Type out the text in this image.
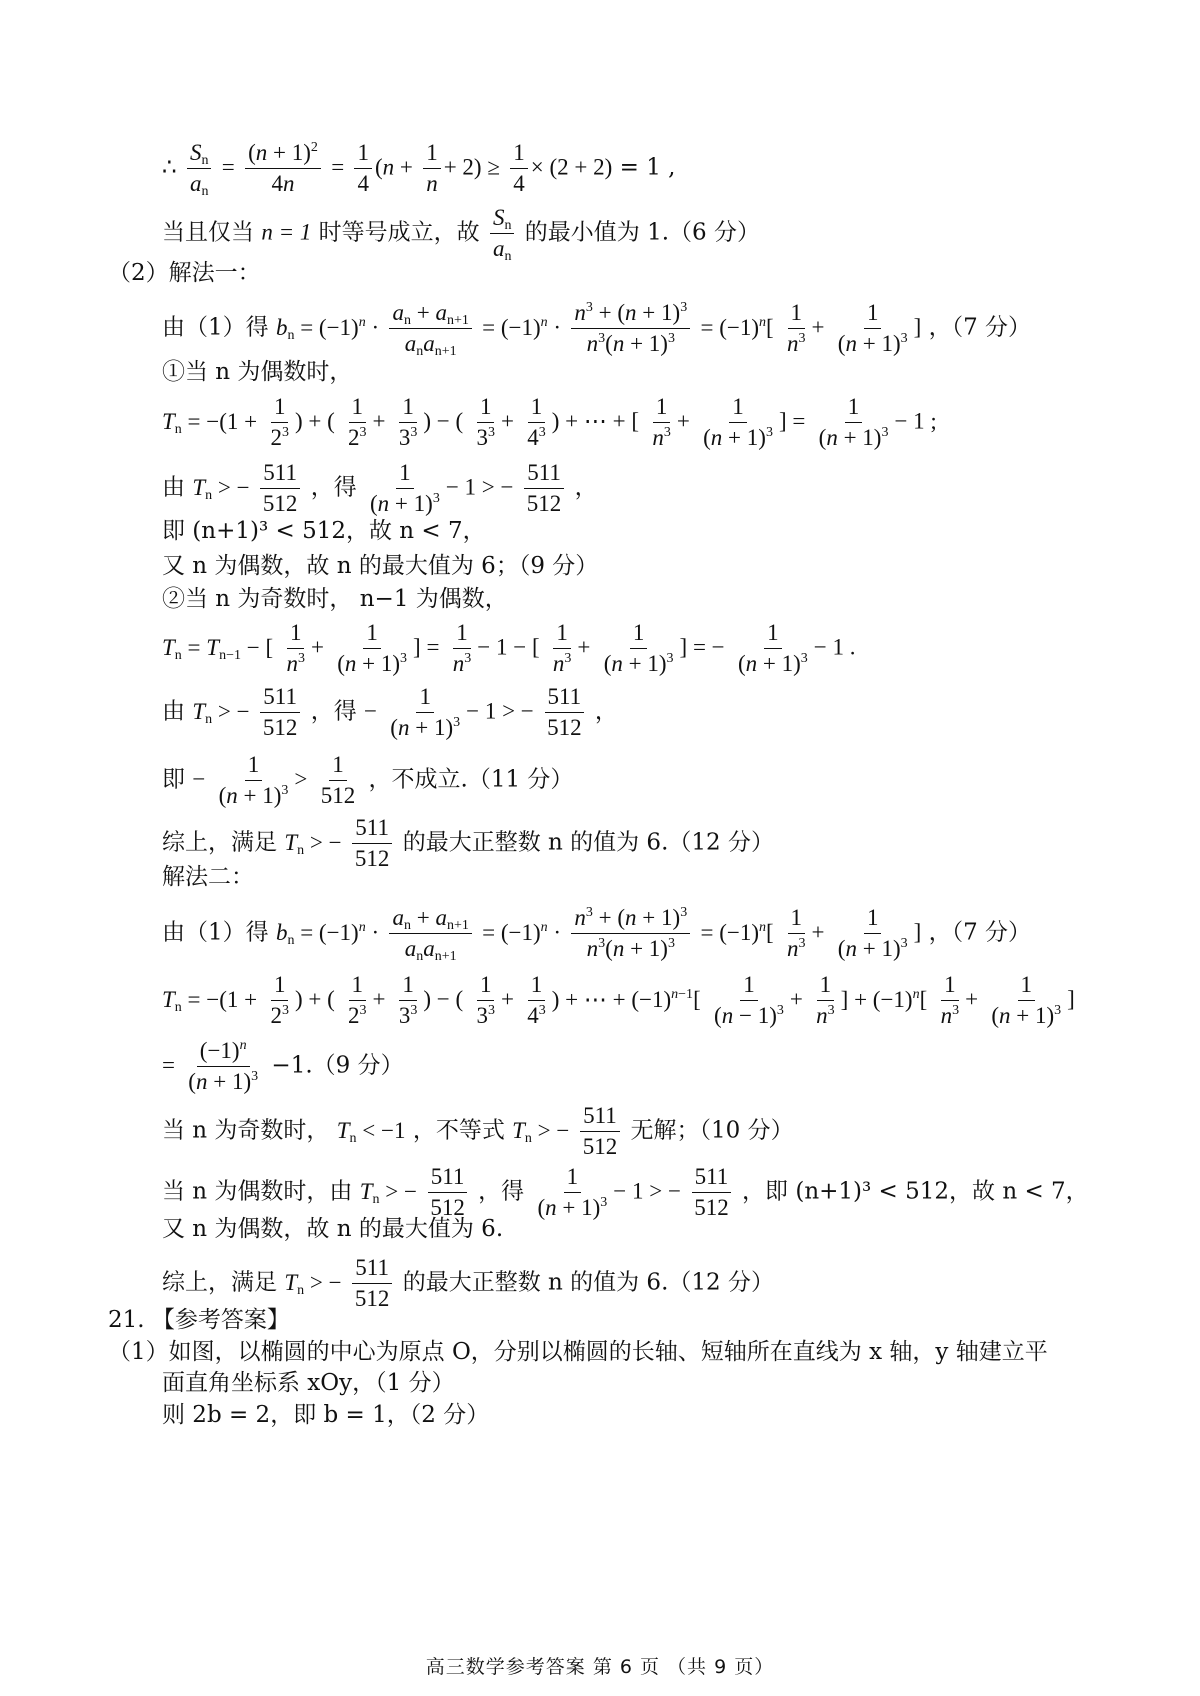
∴ $\frac{S_n}{a_n} = \frac{(n + 1)^2}{4n} = \frac{1}{4} (n + \frac{1}{n} + 2) \ge \frac{1}{4} \times (2 + 2) = 1$ ,
当且仅当 n = 1 时等号成立，故 $\frac{S_n}{a_n}$ 的最小值为 1.（6 分）
（2）解法一：
由（1）得 $b_n = (-1)^n \cdot \frac{a_n + a_{n+1}}{a_na_{n+1}} = (-1)^n \cdot \frac{n^3 + (n + 1)^3}{n^3(n + 1)^3} = (-1)^n[ \frac{1}{n^3} + \frac{1}{(n + 1)^3}$ ] ，（7 分）
①当 n 为偶数时，
$T_n = -(1 + \frac{1}{2^3}$ ) + ( $\frac{1}{2^3} + \frac{1}{3^3}$ ) − ( $\frac{1}{3^3} + \frac{1}{4^3}$ ) + ⋯ + [ $\frac{1}{n^3} + \frac{1}{(n + 1)^3}$ ] = $\frac{1}{(n + 1)^3} - 1$ ;
由 $T_n$ > − $\frac{511}{512}$ ，得 $\frac{1}{(n + 1)^3} - 1$ > − $\frac{511}{512}$ ，
即 (n+1)³ < 512，故 n < 7，
又 n 为偶数，故 n 的最大值为 6；（9 分）
②当 n 为奇数时， n−1 为偶数，
$T_n = T_{n-1}$ − [ $\frac{1}{n^3} + \frac{1}{(n + 1)^3}$ ] = $\frac{1}{n^3} - 1$ − [ $\frac{1}{n^3} + \frac{1}{(n + 1)^3}$ ] = − $\frac{1}{(n + 1)^3} - 1$ .
由 $T_n$ > − $\frac{511}{512}$ ，得 − $\frac{1}{(n + 1)^3} - 1$ > − $\frac{511}{512}$ ，
即 − $\frac{1}{(n + 1)^3} > \frac{1}{512}$ ，不成立.（11 分）
综上，满足 $T_n$ > − $\frac{511}{512}$ 的最大正整数 n 的值为 6.（12 分）
解法二：
由（1）得 $b_n = (-1)^n \cdot \frac{a_n + a_{n+1}}{a_na_{n+1}} = (-1)^n \cdot \frac{n^3 + (n + 1)^3}{n^3(n + 1)^3} = (-1)^n[ \frac{1}{n^3} + \frac{1}{(n + 1)^3}$ ] ，（7 分）
$T_n = -(1 + \frac{1}{2^3}$ ) + ( $\frac{1}{2^3} + \frac{1}{3^3}$ ) − ( $\frac{1}{3^3} + \frac{1}{4^3}$ ) + ⋯ + $(-1)^{n-1}[ \frac{1}{(n - 1)^3} + \frac{1}{n^3}$ ] + $(-1)^n[ \frac{1}{n^3} + \frac{1}{(n + 1)^3}$ ]
= $\frac{(-1)^n}{(n + 1)^3} -1.(9$ 分）
当 n 为奇数时， $T_n < -1$ ，不等式 $T_n$ > − $\frac{511}{512}$ 无解；（10 分）
当 n 为偶数时，由 $T_n$ > − $\frac{511}{512}$ ，得 $\frac{1}{(n + 1)^3} - 1$ > − $\frac{511}{512}$ ，即 (n+1)³ < 512，故 n < 7，
又 n 为偶数，故 n 的最大值为 6.
综上，满足 $T_n$ > − $\frac{511}{512}$ 的最大正整数 n 的值为 6.（12 分）
21. 【参考答案】
（1）如图，以椭圆的中心为原点 O，分别以椭圆的长轴、短轴所在直线为 x 轴，y 轴建立平
面直角坐标系 xOy，（1 分）
则 2b = 2，即 b = 1，（2 分）
高三数学参考答案 第 6 页 （共 9 页）
